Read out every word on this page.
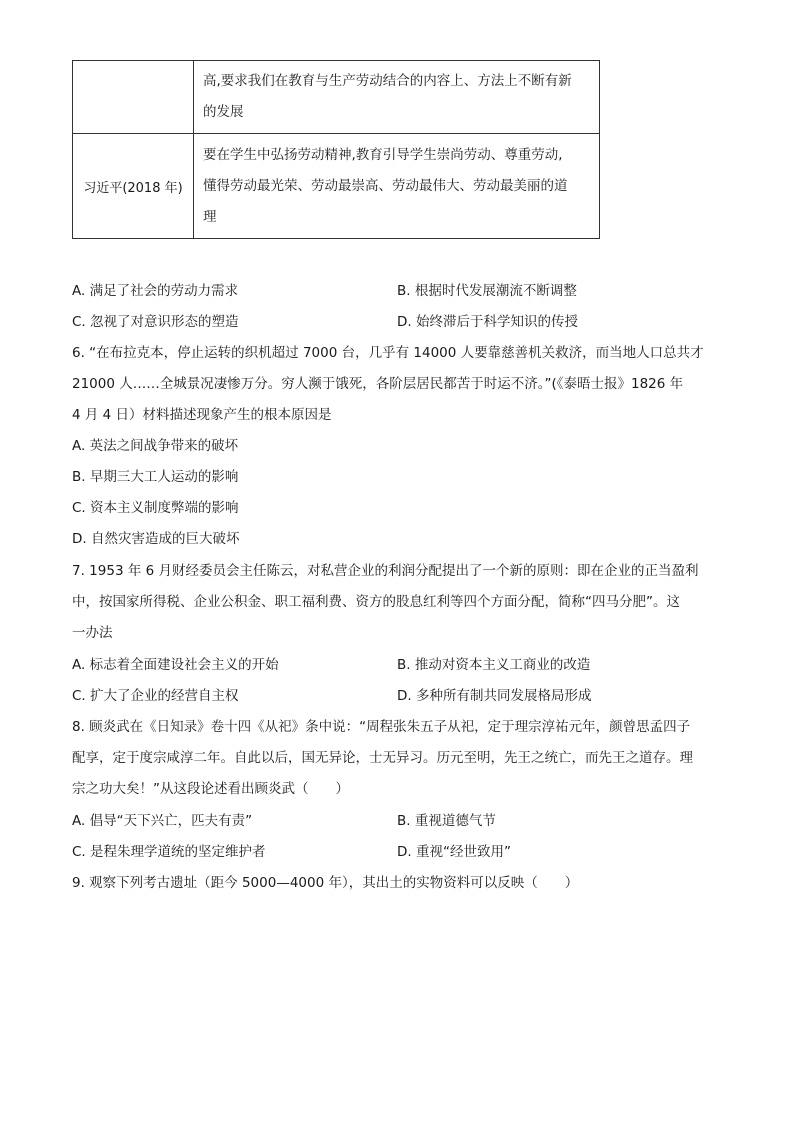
	高,要求我们在教育与生产劳动结合的内容上、方法上不断有新
的发展

习近平(2018 年)	要在学生中弘扬劳动精神,教育引导学生崇尚劳动、尊重劳动,
懂得劳动最光荣、劳动最崇高、劳动最伟大、劳动最美丽的道
理
A. 满足了社会的劳动力需求	B. 根据时代发展潮流不断调整
C. 忽视了对意识形态的塑造	D. 始终滞后于科学知识的传授
6. “在布拉克本，停止运转的织机超过 7000 台，几乎有 14000 人要靠慈善机关救济，而当地人口总共才
21000 人……全城景况凄惨万分。穷人濒于饿死，各阶层居民都苦于时运不济。”(《泰晤士报》1826 年
4 月 4 日）材料描述现象产生的根本原因是
A. 英法之间战争带来的破坏
B. 早期三大工人运动的影响
C. 资本主义制度弊端的影响
D. 自然灾害造成的巨大破坏
7. 1953 年 6 月财经委员会主任陈云，对私营企业的利润分配提出了一个新的原则：即在企业的正当盈利
中，按国家所得税、企业公积金、职工福利费、资方的股息红利等四个方面分配，简称“四马分肥”。这
一办法
A. 标志着全面建设社会主义的开始	B. 推动对资本主义工商业的改造
C. 扩大了企业的经营自主权	D. 多种所有制共同发展格局形成
8. 顾炎武在《日知录》卷十四《从祀》条中说：“周程张朱五子从祀，定于理宗淳祐元年，颜曾思孟四子
配享，定于度宗咸淳二年。自此以后，国无异论，士无异习。历元至明，先王之统亡，而先王之道存。理
宗之功大矣！”从这段论述看出顾炎武（　　）
A. 倡导“天下兴亡，匹夫有责”	B. 重视道德气节
C. 是程朱理学道统的坚定维护者	D. 重视“经世致用”
9. 观察下列考古遗址（距今 5000—4000 年），其出土的实物资料可以反映（　　）
